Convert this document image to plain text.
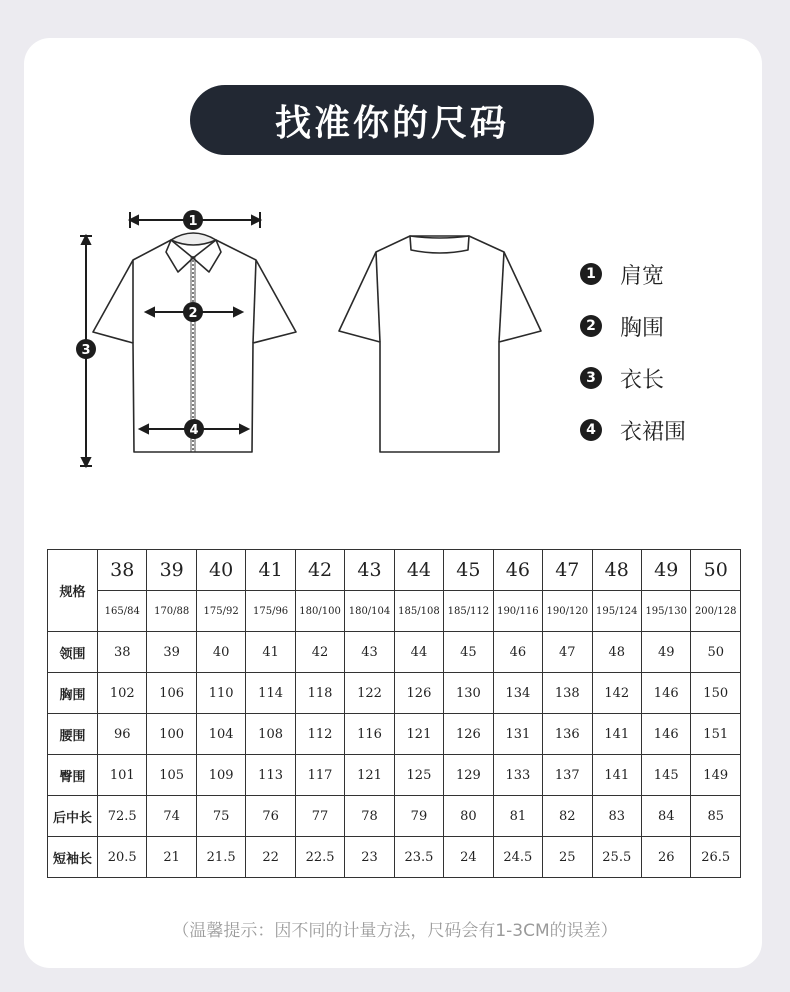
找准你的尺码
1
2
3
4
1 肩宽
2 胸围
3 衣长
4 衣裙围
规格	38	39	40	41	42	43	44	45	46	47	48	49	50
	165/84	170/88	175/92	175/96	180/100	180/104	185/108	185/112	190/116	190/120	195/124	195/130	200/128
领围	38	39	40	41	42	43	44	45	46	47	48	49	50
胸围	102	106	110	114	118	122	126	130	134	138	142	146	150
腰围	96	100	104	108	112	116	121	126	131	136	141	146	151
臀围	101	105	109	113	117	121	125	129	133	137	141	145	149
后中长	72.5	74	75	76	77	78	79	80	81	82	83	84	85
短袖长	20.5	21	21.5	22	22.5	23	23.5	24	24.5	25	25.5	26	26.5
（温馨提示：因不同的计量方法，尺码会有1-3CM的误差）
